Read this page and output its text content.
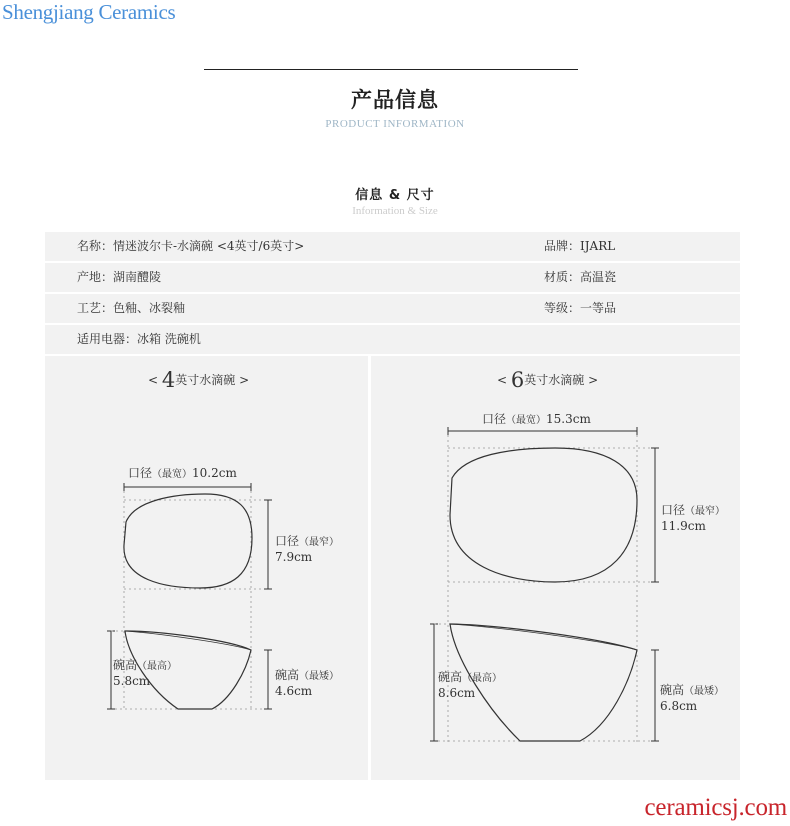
Shengjiang Ceramics
产品信息
PRODUCT INFORMATION
信息 & 尺寸
Information & Size
名称：情迷波尔卡-水滴碗 <4英寸/6英寸>	品牌：IJARL
产地：湖南醴陵	材质：高温瓷
工艺：色釉、冰裂釉	等级：一等品
适用电器：冰箱 洗碗机
< 4英寸水滴碗 >
口径（最宽）10.2cm
口径（最窄）
7.9cm
碗高（最高）
5.8cm	碗高（最矮）
4.6cm
< 6英寸水滴碗 >
口径（最宽）15.3cm
口径（最窄）
11.9cm
碗高（最高）
8.6cm	碗高（最矮）
6.8cm
ceramicsj.com
